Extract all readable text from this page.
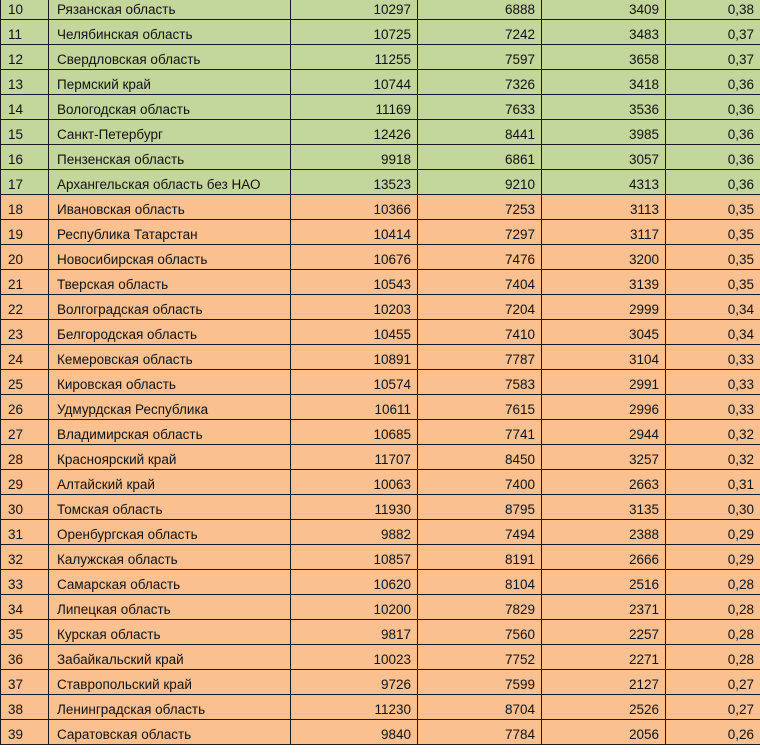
10	Рязанская область	10297	6888	3409	0,38
11	Челябинская область	10725	7242	3483	0,37
12	Свердловская область	11255	7597	3658	0,37
13	Пермский край	10744	7326	3418	0,36
14	Вологодская область	11169	7633	3536	0,36
15	Санкт-Петербург	12426	8441	3985	0,36
16	Пензенская область	9918	6861	3057	0,36
17	Архангельская область без НАО	13523	9210	4313	0,36
18	Ивановская область	10366	7253	3113	0,35
19	Республика Татарстан	10414	7297	3117	0,35
20	Новосибирская область	10676	7476	3200	0,35
21	Тверская область	10543	7404	3139	0,35
22	Волгоградская область	10203	7204	2999	0,34
23	Белгородская область	10455	7410	3045	0,34
24	Кемеровская область	10891	7787	3104	0,33
25	Кировская область	10574	7583	2991	0,33
26	Удмурдская Республика	10611	7615	2996	0,33
27	Владимирская область	10685	7741	2944	0,32
28	Красноярский край	11707	8450	3257	0,32
29	Алтайский край	10063	7400	2663	0,31
30	Томская область	11930	8795	3135	0,30
31	Оренбургская область	9882	7494	2388	0,29
32	Калужская область	10857	8191	2666	0,29
33	Самарская область	10620	8104	2516	0,28
34	Липецкая область	10200	7829	2371	0,28
35	Курская область	9817	7560	2257	0,28
36	Забайкальский край	10023	7752	2271	0,28
37	Ставропольский край	9726	7599	2127	0,27
38	Ленинградская область	11230	8704	2526	0,27
39	Саратовская область	9840	7784	2056	0,26
